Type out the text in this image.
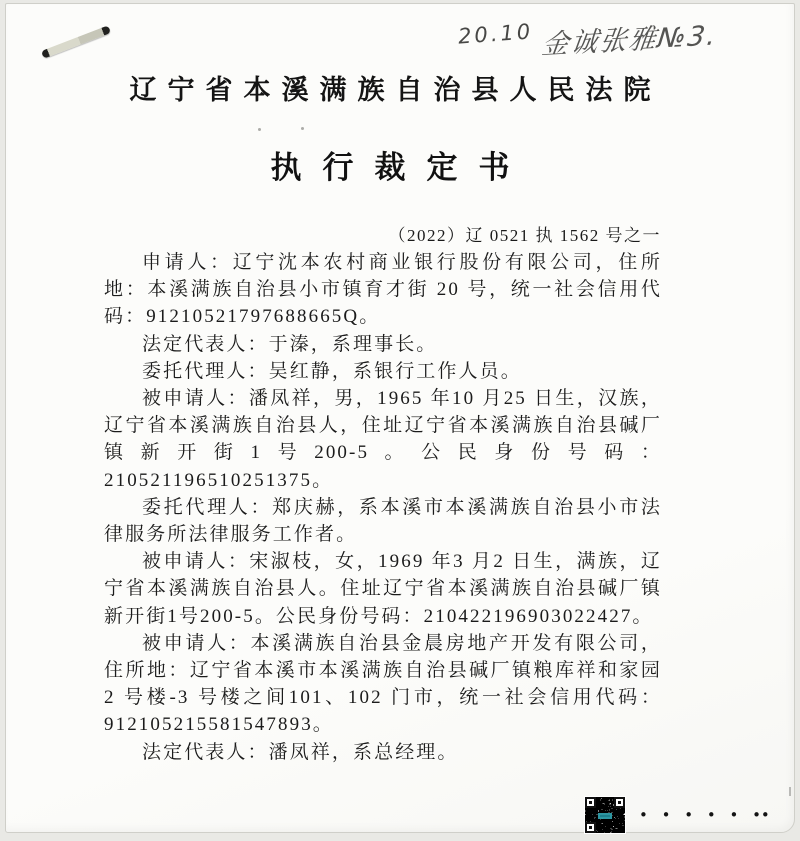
20.10 金诚张雅№3.
辽宁省本溪满族自治县人民法院
执行裁定书
（2022）辽 0521 执 1562 号之一

申请人：辽宁沈本农村商业银行股份有限公司，住所地：本溪满族自治县小市镇育才街 20 号，统一社会信用代码：91210521797688665Q。

法定代表人：于溱，系理事长。

委托代理人：吴红静，系银行工作人员。

被申请人：潘凤祥，男，1965 年10 月25 日生，汉族，辽宁省本溪满族自治县人，住址辽宁省本溪满族自治县碱厂镇新开街1号200-5。公民身份号码：210521196510251375。

委托代理人：郑庆赫，系本溪市本溪满族自治县小市法律服务所法律服务工作者。

被申请人：宋淑枝，女，1969 年3 月2 日生，满族，辽宁省本溪满族自治县人。住址辽宁省本溪满族自治县碱厂镇新开街1号200-5。公民身份号码：210422196903022427。

被申请人：本溪满族自治县金晨房地产开发有限公司，住所地：辽宁省本溪市本溪满族自治县碱厂镇粮库祥和家园2 号楼-3 号楼之间101、102 门市，统一社会信用代码：912105215581547893。

法定代表人：潘凤祥，系总经理。

• • • • • ••
